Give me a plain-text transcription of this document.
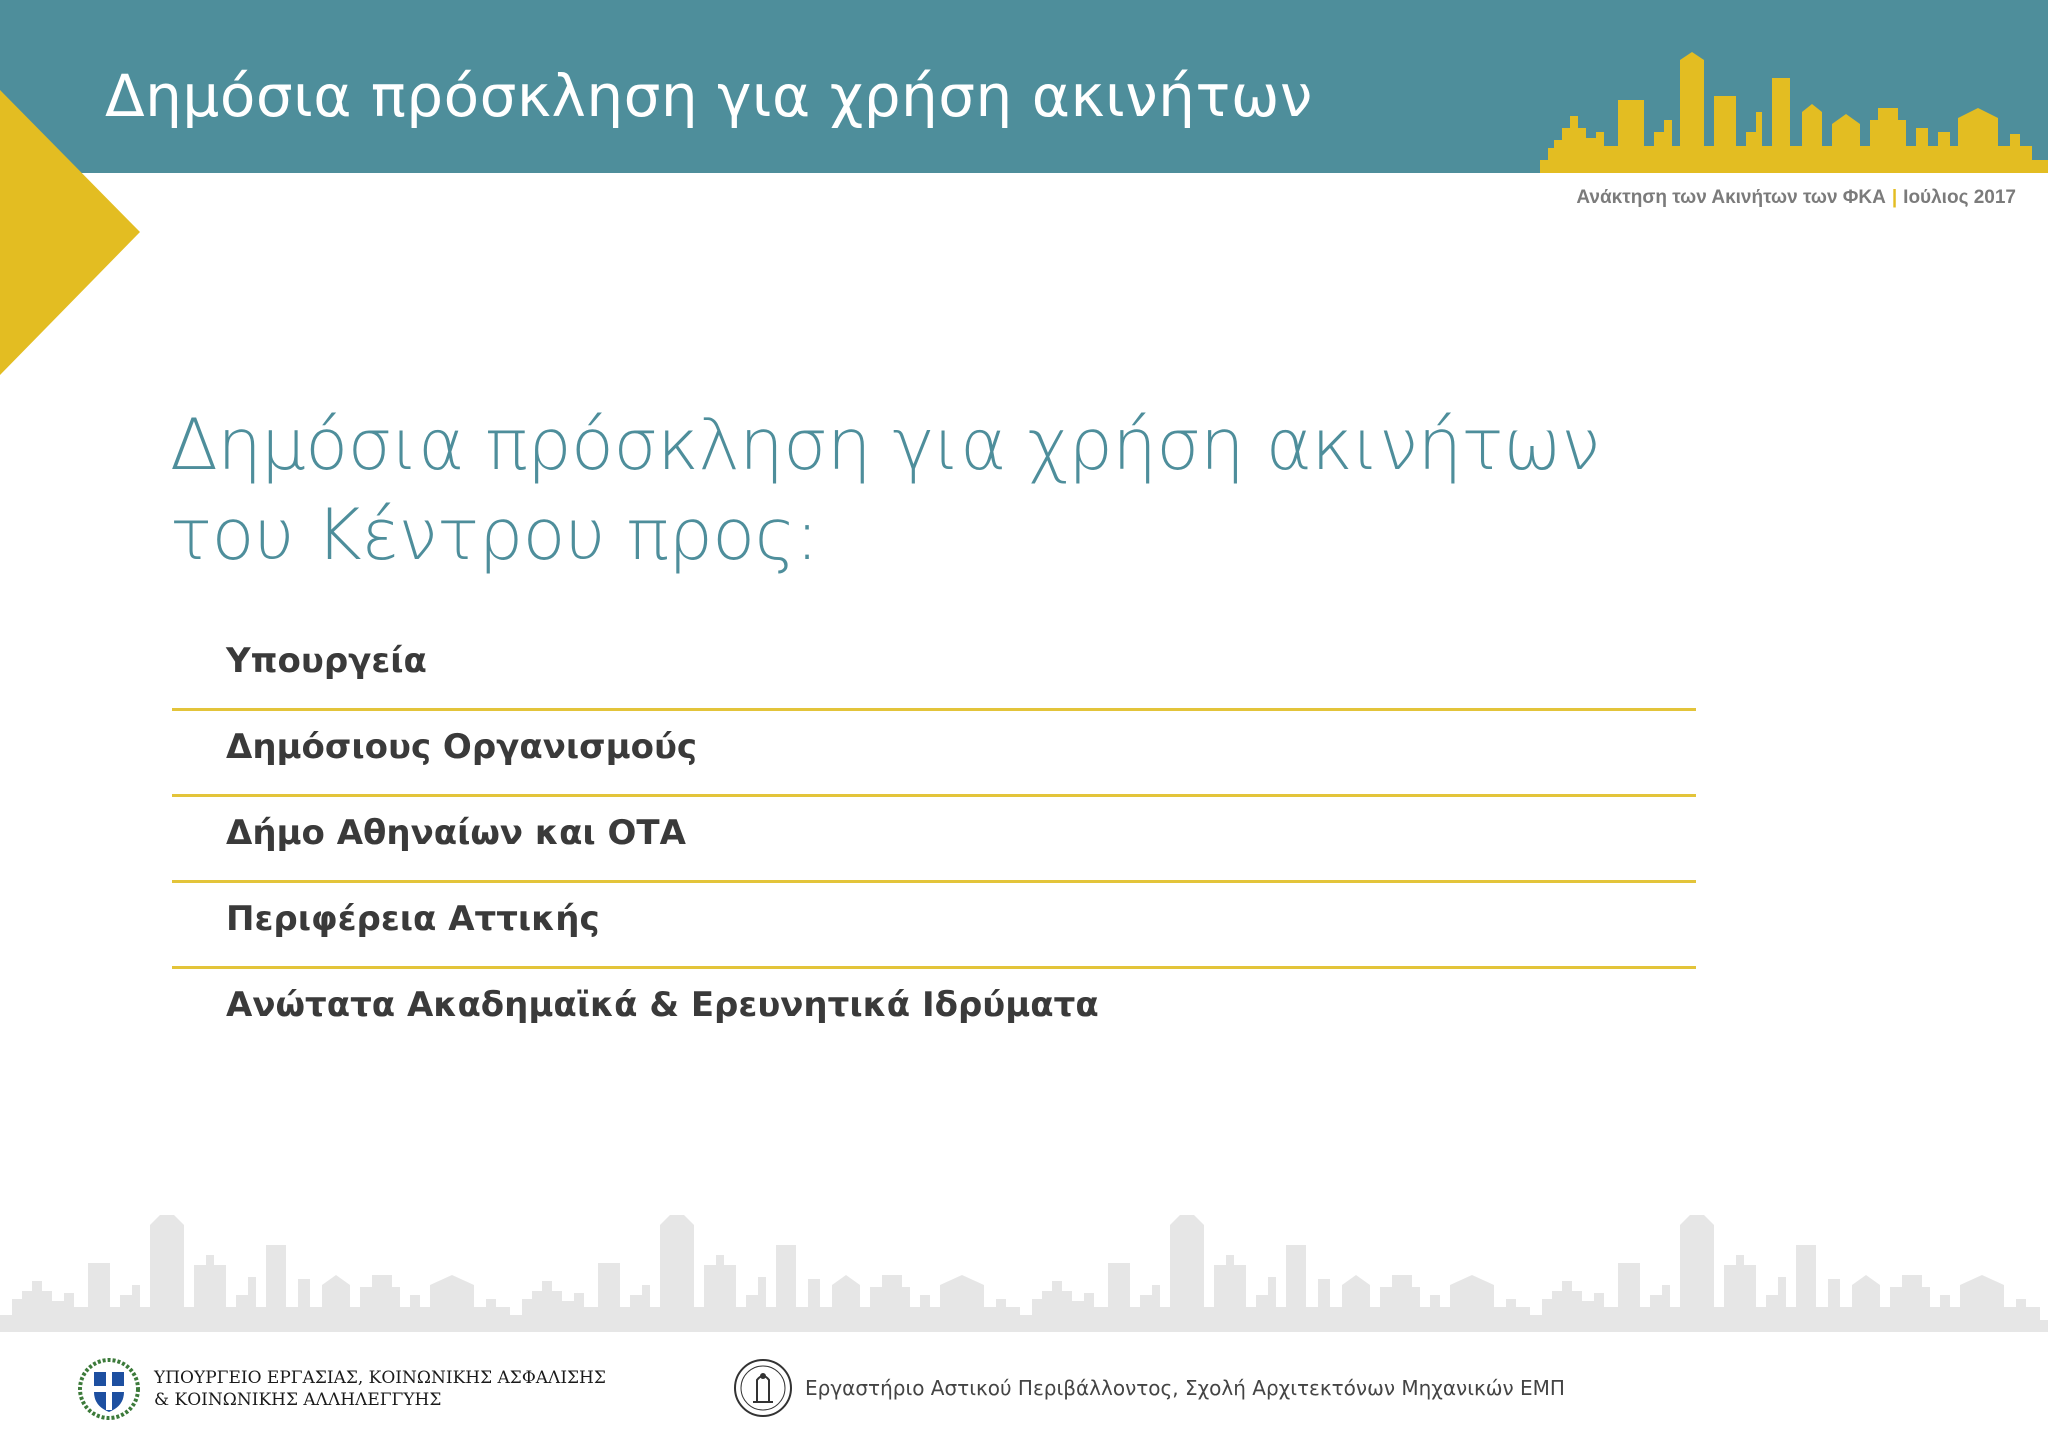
Δημόσια πρόσκληση για χρήση ακινήτων
Ανάκτηση των Ακινήτων των ΦΚΑ | Ιούλιος 2017
Δημόσια πρόσκληση για χρήση ακινήτων
του Κέντρου προς:
Υπουργεία
Δημόσιους Οργανισμούς
Δήμο Αθηναίων και ΟΤΑ
Περιφέρεια Αττικής
Ανώτατα Ακαδημαϊκά & Ερευνητικά Ιδρύματα
ΥΠΟΥΡΓΕΙΟ ΕΡΓΑΣΙΑΣ, ΚΟΙΝΩΝΙΚΗΣ ΑΣΦΑΛΙΣΗΣ
& ΚΟΙΝΩΝΙΚΗΣ ΑΛΛΗΛΕΓΓΥΗΣ	Εργαστήριο Αστικού Περιβάλλοντος, Σχολή Αρχιτεκτόνων Μηχανικών ΕΜΠ
